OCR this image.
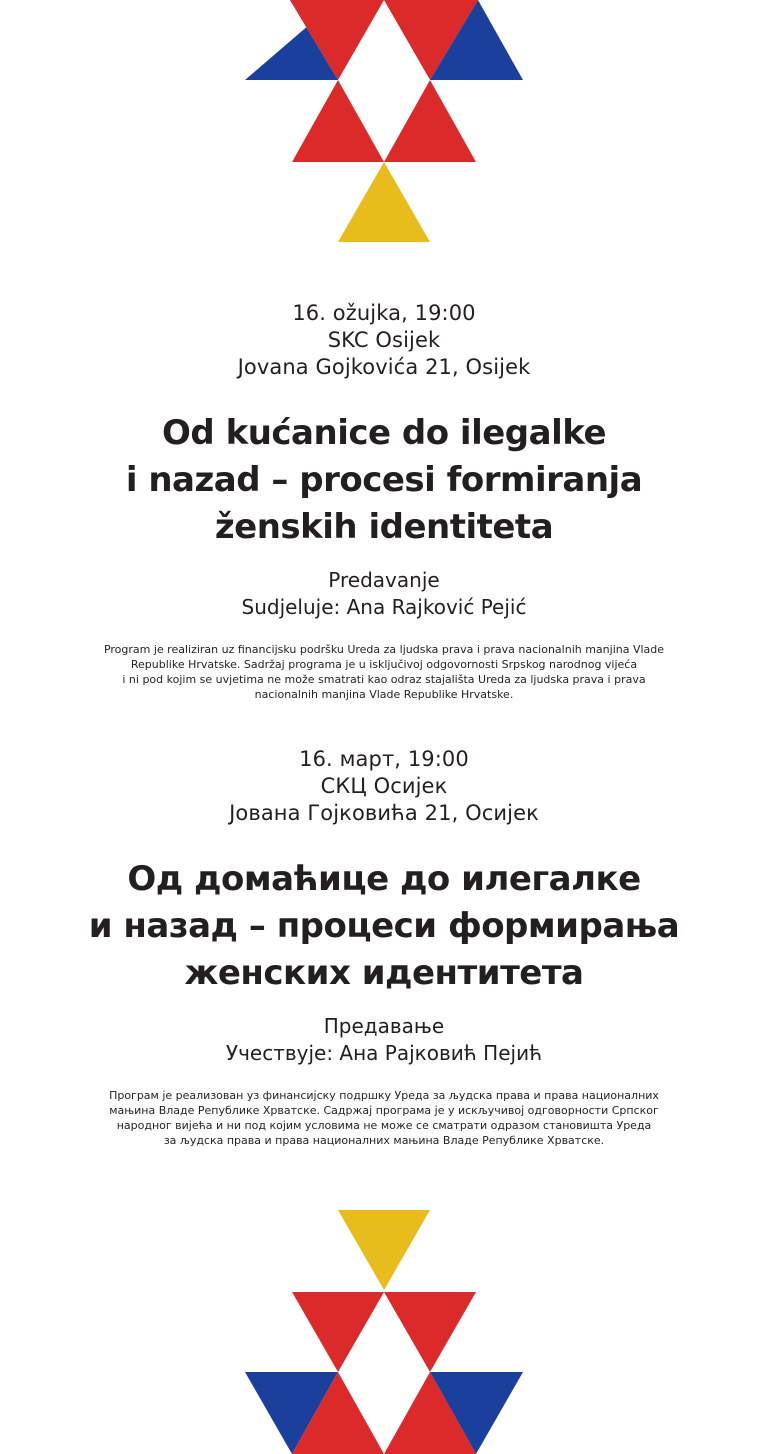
16. ožujka, 19:00
SKC Osijek
Jovana Gojkovića 21, Osijek
Od kućanice do ilegalke
i nazad – procesi formiranja
ženskih identiteta
Predavanje
Sudjeluje: Ana Rajković Pejić
Program je realiziran uz financijsku podršku Ureda za ljudska prava i prava nacionalnih manjina Vlade
Republike Hrvatske. Sadržaj programa je u isključivoj odgovornosti Srpskog narodnog vijeća
i ni pod kojim se uvjetima ne može smatrati kao odraz stajališta Ureda za ljudska prava i prava
nacionalnih manjina Vlade Republike Hrvatske.
16. март, 19:00
СКЦ Осијек
Јована Гојковића 21, Осијек
Од домаћице до илегалке
и назад – процеси формирања
женских идентитета
Предавање
Учествује: Ана Рајковић Пејић
Програм је реализован уз финансијску подршку Уреда за људска права и права националних
мањина Владе Републике Хрватске. Садржај програма је у искључивој одговорности Српског
народног вијећа и ни под којим условима не може се сматрати одразом становишта Уреда
за људска права и права националних мањина Владе Републике Хрватске.
